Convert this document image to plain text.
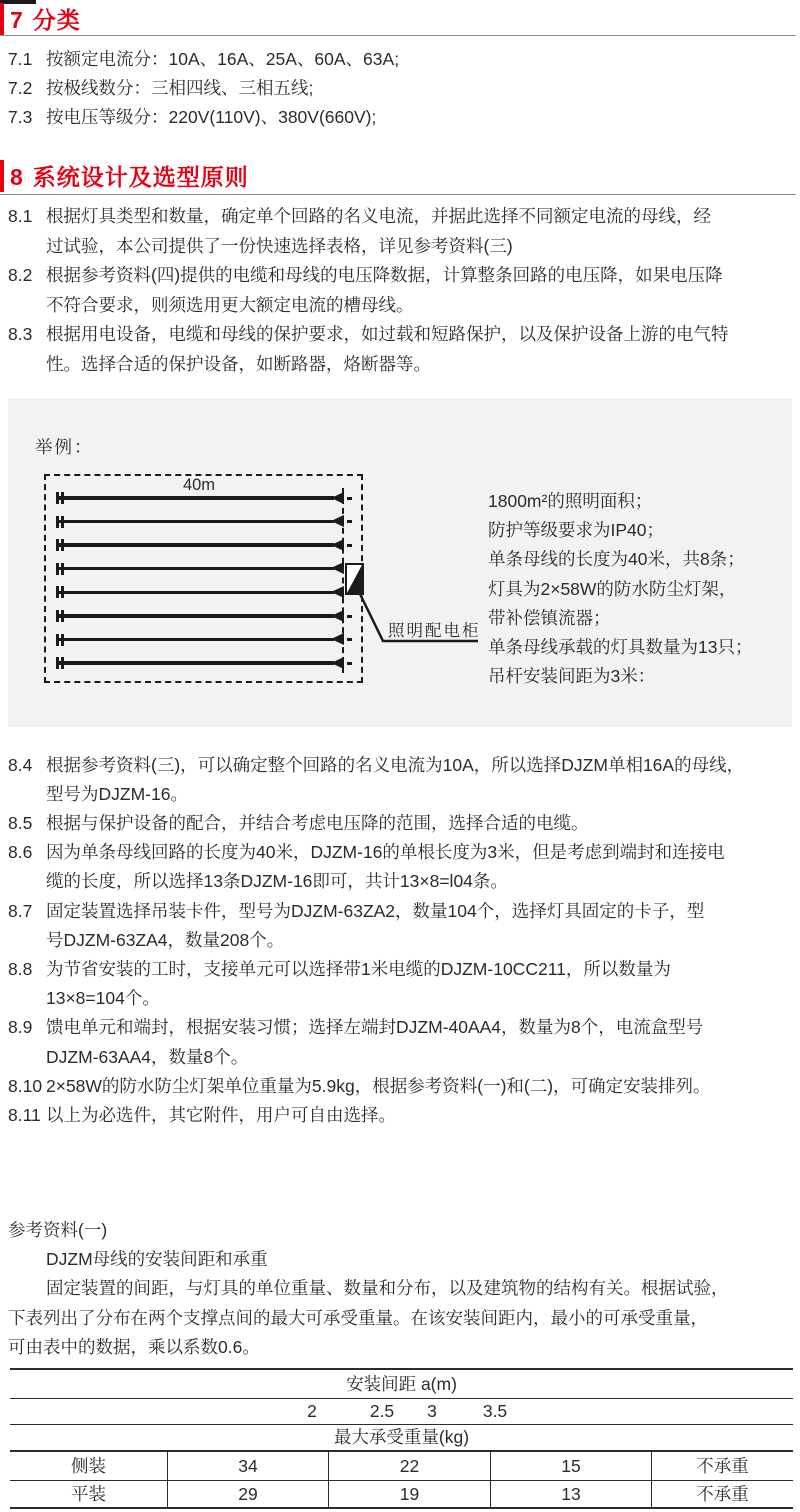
7 分类
7.1 按额定电流分：10A、16A、25A、60A、63A;
7.2 按极线数分：三相四线、三相五线;
7.3 按电压等级分：220V(110V)、380V(660V);
8 系统设计及选型原则
8.1 根据灯具类型和数量，确定单个回路的名义电流，并据此选择不同额定电流的母线，经
过试验，本公司提供了一份快速选择表格，详见参考资料(三)
8.2 根据参考资料(四)提供的电缆和母线的电压降数据，计算整条回路的电压降，如果电压降
不符合要求，则须选用更大额定电流的槽母线。
8.3 根据用电设备，电缆和母线的保护要求，如过载和短路保护，以及保护设备上游的电气特
性。选择合适的保护设备，如断路器，烙断器等。
举例：
40m
照明配电柜
1800m²的照明面积；
防护等级要求为IP40；
单条母线的长度为40米，共8条；
灯具为2×58W的防水防尘灯架，
带补偿镇流器；
单条母线承载的灯具数量为13只；
吊杆安装间距为3米：
8.4 根据参考资料(三)，可以确定整个回路的名义电流为10A，所以选择DJZM单相16A的母线，
型号为DJZM-16。
8.5 根据与保护设备的配合，并结合考虑电压降的范围，选择合适的电缆。
8.6 因为单条母线回路的长度为40米，DJZM-16的单根长度为3米，但是考虑到端封和连接电
缆的长度，所以选择13条DJZM-16即可，共计13×8=l04条。
8.7 固定装置选择吊装卡件，型号为DJZM-63ZA2，数量104个，选择灯具固定的卡子，型
号DJZM-63ZA4，数量208个。
8.8 为节省安装的工时，支接单元可以选择带1米电缆的DJZM-10CC211，所以数量为
13×8=104个。
8.9 馈电单元和端封，根据安装习惯；选择左端封DJZM-40AA4，数量为8个，电流盒型号
DJZM-63AA4，数量8个。
8.10 2×58W的防水防尘灯架单位重量为5.9kg，根据参考资料(一)和(二)，可确定安装排列。
8.11 以上为必选件，其它附件，用户可自由选择。
参考资料(一)
DJZM母线的安装间距和承重
固定装置的间距，与灯具的单位重量、数量和分布，以及建筑物的结构有关。根据试验，
下表列出了分布在两个支撑点间的最大可承受重量。在该安装间距内，最小的可承受重量，
可由表中的数据，乘以系数0.6。
安装间距 a(m)
2	2.5 3	3.5
最大承受重量(kg)
侧装	34	22	15	不承重
平装	29	19	13	不承重
